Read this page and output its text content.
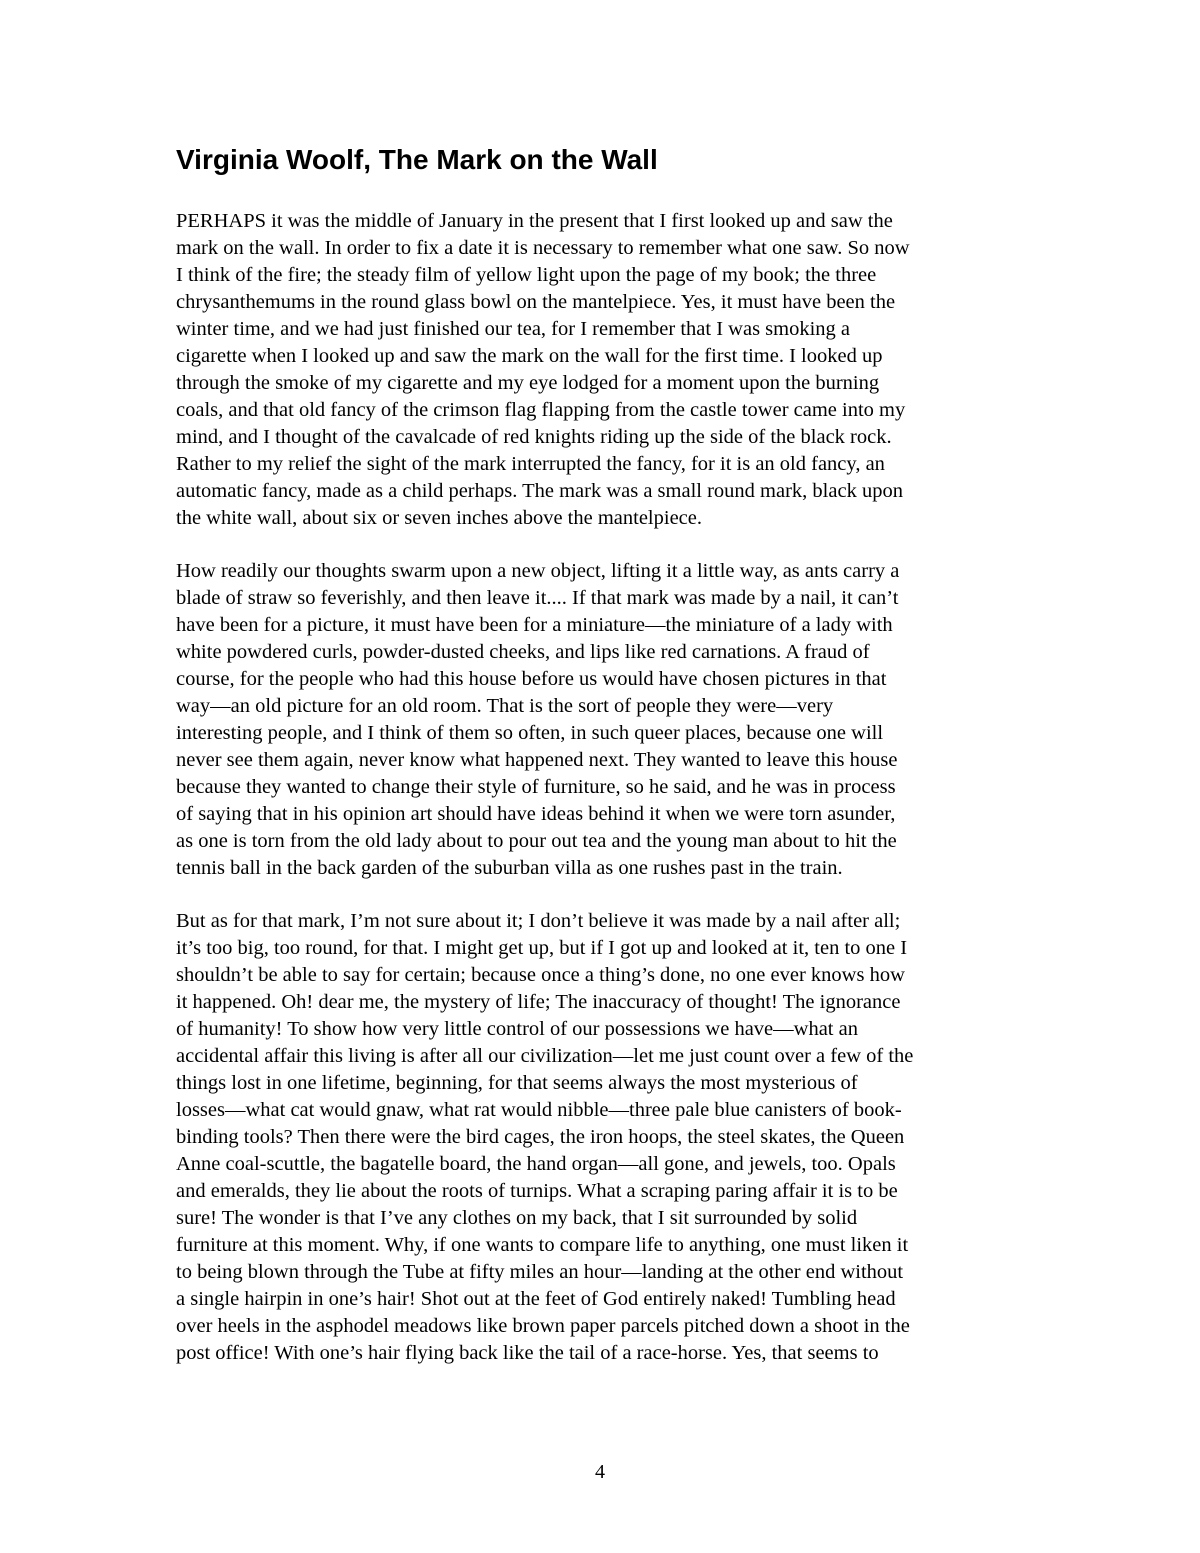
Virginia Woolf, The Mark on the Wall

PERHAPS it was the middle of January in the present that I first looked up and saw the
mark on the wall. In order to fix a date it is necessary to remember what one saw. So now
I think of the fire; the steady film of yellow light upon the page of my book; the three
chrysanthemums in the round glass bowl on the mantelpiece. Yes, it must have been the
winter time, and we had just finished our tea, for I remember that I was smoking a
cigarette when I looked up and saw the mark on the wall for the first time. I looked up
through the smoke of my cigarette and my eye lodged for a moment upon the burning
coals, and that old fancy of the crimson flag flapping from the castle tower came into my
mind, and I thought of the cavalcade of red knights riding up the side of the black rock.
Rather to my relief the sight of the mark interrupted the fancy, for it is an old fancy, an
automatic fancy, made as a child perhaps. The mark was a small round mark, black upon
the white wall, about six or seven inches above the mantelpiece.

How readily our thoughts swarm upon a new object, lifting it a little way, as ants carry a
blade of straw so feverishly, and then leave it.... If that mark was made by a nail, it can’t
have been for a picture, it must have been for a miniature—the miniature of a lady with
white powdered curls, powder-dusted cheeks, and lips like red carnations. A fraud of
course, for the people who had this house before us would have chosen pictures in that
way—an old picture for an old room. That is the sort of people they were—very
interesting people, and I think of them so often, in such queer places, because one will
never see them again, never know what happened next. They wanted to leave this house
because they wanted to change their style of furniture, so he said, and he was in process
of saying that in his opinion art should have ideas behind it when we were torn asunder,
as one is torn from the old lady about to pour out tea and the young man about to hit the
tennis ball in the back garden of the suburban villa as one rushes past in the train.

But as for that mark, I’m not sure about it; I don’t believe it was made by a nail after all;
it’s too big, too round, for that. I might get up, but if I got up and looked at it, ten to one I
shouldn’t be able to say for certain; because once a thing’s done, no one ever knows how
it happened. Oh! dear me, the mystery of life; The inaccuracy of thought! The ignorance
of humanity! To show how very little control of our possessions we have—what an
accidental affair this living is after all our civilization—let me just count over a few of the
things lost in one lifetime, beginning, for that seems always the most mysterious of
losses—what cat would gnaw, what rat would nibble—three pale blue canisters of book-
binding tools? Then there were the bird cages, the iron hoops, the steel skates, the Queen
Anne coal-scuttle, the bagatelle board, the hand organ—all gone, and jewels, too. Opals
and emeralds, they lie about the roots of turnips. What a scraping paring affair it is to be
sure! The wonder is that I’ve any clothes on my back, that I sit surrounded by solid
furniture at this moment. Why, if one wants to compare life to anything, one must liken it
to being blown through the Tube at fifty miles an hour—landing at the other end without
a single hairpin in one’s hair! Shot out at the feet of God entirely naked! Tumbling head
over heels in the asphodel meadows like brown paper parcels pitched down a shoot in the
post office! With one’s hair flying back like the tail of a race-horse. Yes, that seems to

4
